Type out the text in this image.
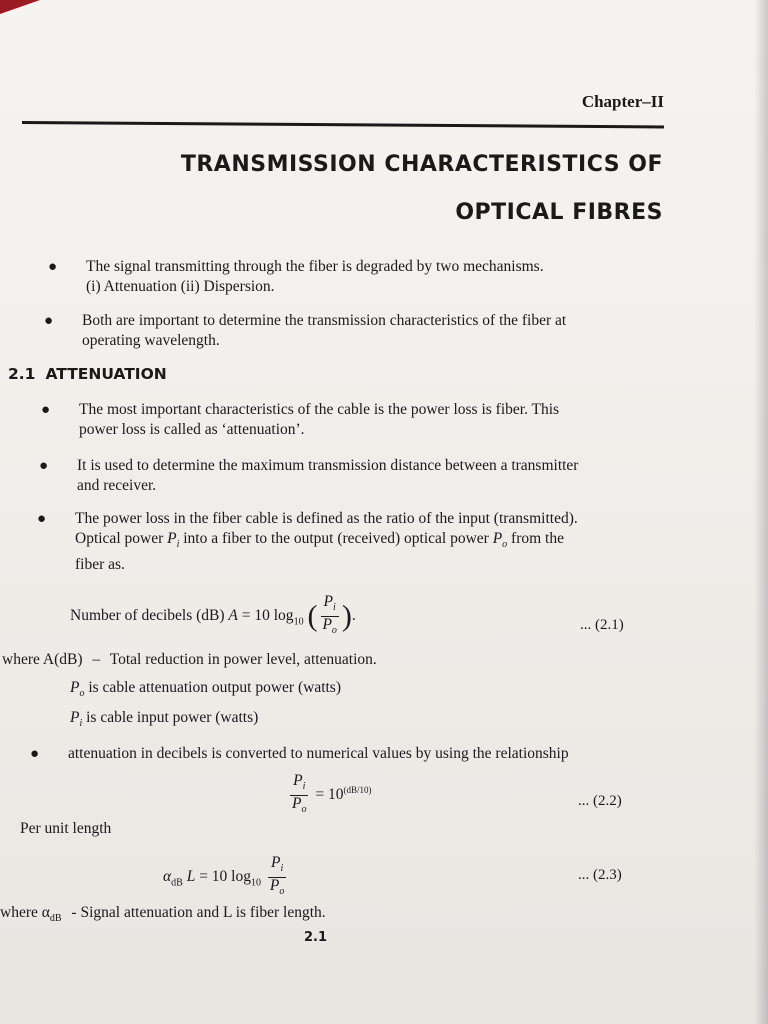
Chapter–II
TRANSMISSION CHARACTERISTICS OF
OPTICAL FIBRES
● The signal transmitting through the fiber is degraded by two mechanisms.
(i) Attenuation (ii) Dispersion.
● Both are important to determine the transmission characteristics of the fiber at
operating wavelength.
2.1 ATTENUATION
● The most important characteristics of the cable is the power loss is fiber. This
power loss is called as ‘attenuation’.
● It is used to determine the maximum transmission distance between a transmitter
and receiver.
● The power loss in the fiber cable is defined as the ratio of the input (transmitted).
Optical power $P_i$ into a fiber to the output (received) optical power $P_o$ from the
fiber as.
Number of decibels (dB) A = 10 $\log_{10}$ ( $\frac{P_i}{P_o}$ ).
... (2.1)
where A(dB) – Total reduction in power level, attenuation.
$P_o$ is cable attenuation output power (watts)
$P_i$ is cable input power (watts)
● attenuation in decibels is converted to numerical values by using the relationship
$\frac{P_i}{P_o} = 10^{(dB/10)}$
... (2.2)
Per unit length
$\alpha_{dB}$ L = 10 $\log_{10} \frac{P_i}{P_o}$	... (2.3)
where $\alpha_{dB}$ - Signal attenuation and L is fiber length.
2.1
